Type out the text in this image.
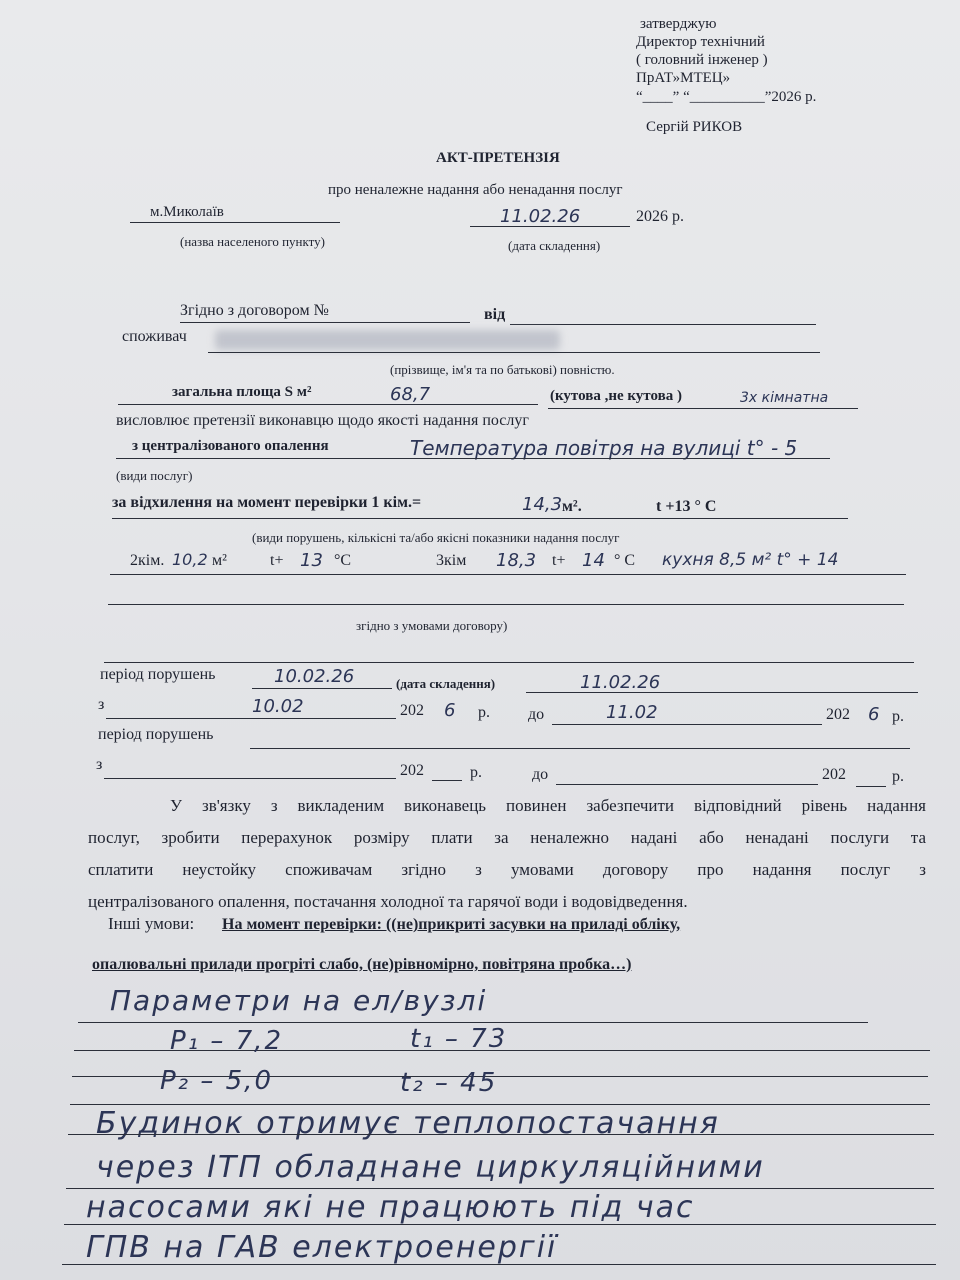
затверджую
Директор технічний
( головний інженер )
ПрАТ»МТЕЦ»
“____” “__________”2026 р.
Сергій РИКОВ
АКТ-ПРЕТЕНЗІЯ
про неналежне надання або ненадання послуг
м.Миколаїв
(назва населеного пункту)
11.02.26	2026 р.
(дата складення)
Згідно з договором №	від
споживач
(прізвище, ім'я та по батькові) повністю.
загальна площа S м²	68,7	(кутова ,не кутова )	3х кімнатна
висловлює претензії виконавцю щодо якості надання послуг
з централізованого опалення	Температура повітря на вулиці t° - 5
(види послуг)
за відхилення на момент перевірки 1 кім.=	14,3 м².	t +13 ° С
(види порушень, кількісні та/або якісні показники надання послуг
2кім. 10,2 м²	t+ 13 °С	3кім 18,3 t+ 14 ° С кухня 8,5 м² t° + 14
згідно з умовами договору)
період порушень	10.02.26	(дата складення)	11.02.26
з	10.02	202 6 р. до	11.02	202 6 р.
період порушень
з	202	р.	до	202	р.
У зв'язку з викладеним виконавець повинен забезпечити відповідний рівень надання
послуг, зробити перерахунок розміру плати за неналежно надані або ненадані послуги та
сплатити неустойку споживачам згідно з умовами договору про надання послуг з
централізованого опалення, постачання холодної та гарячої води і водовідведення.
Інші умови: На момент перевірки: ((не)прикриті засувки на приладі обліку,
опалювальні прилади прогріті слабо, (не)рівномірно, повітряна пробка…)
Параметри на ел/вузлі
P₁ – 7,2	t₁ – 73
P₂ – 5,0	t₂ – 45
Будинок отримує теплопостачання
через ІТП обладнане циркуляційними
насосами які не працюють під час
ГПВ на ГАВ електроенергії
